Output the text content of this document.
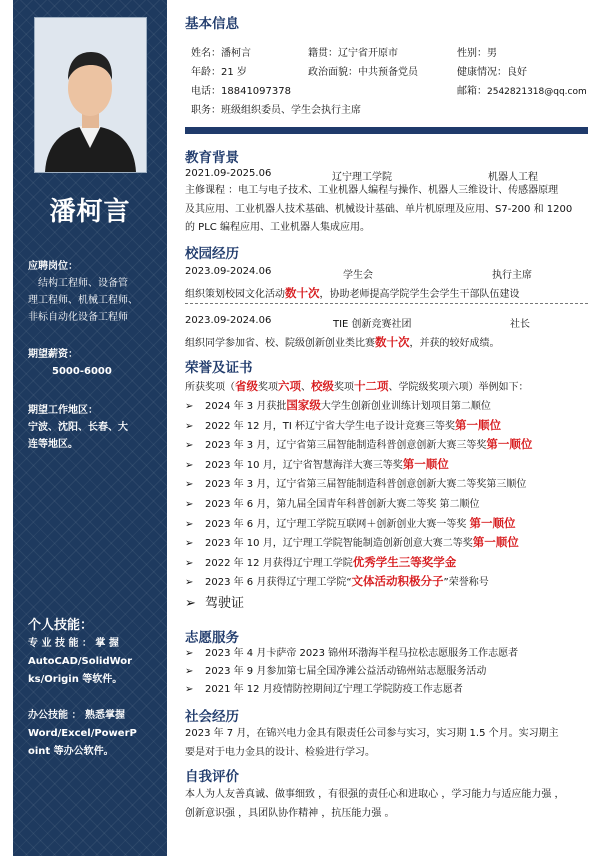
潘柯言
应聘岗位：
结构工程师、设备管
理工程师、机械工程师、
非标自动化设备工程师
期望薪资：
5000-6000
期望工作地区：
宁波、沈阳、长春、大
连等地区。
个人技能：
专 业 技 能 ： 掌 握
AutoCAD/SolidWor
ks/Origin 等软件。
办公技能 ： 熟悉掌握
Word/Excel/PowerP
oint 等办公软件。
基本信息
姓名：潘柯言	籍贯：辽宁省开原市	性别：男
年龄：21 岁	政治面貌：中共预备党员	健康情况：良好
电话：18841097378	邮箱：2542821318@qq.com
职务：班级组织委员、学生会执行主席
教育背景
2021.09-2025.06	辽宁理工学院	机器人工程
主修课程 ：电工与电子技术、工业机器人编程与操作、机器人三维设计、传感器原理
及其应用、工业机器人技术基础、机械设计基础、单片机原理及应用、S7-200 和 1200
的 PLC 编程应用、工业机器人集成应用。
校园经历
2023.09-2024.06	学生会	执行主席
组织策划校园文化活动数十次，协助老师提高学院学生会学生干部队伍建设
2023.09-2024.06	TIE 创新竞赛社团	社长
组织同学参加省、校、院级创新创业类比赛数十次，并获的较好成绩。
荣誉及证书
所获奖项（省级奖项六项、校级奖项十二项、学院级奖项六项）举例如下：
➢ 2024 年 3 月获批国家级大学生创新创业训练计划项目第二顺位
➢ 2022 年 12 月，TI 杯辽宁省大学生电子设计竞赛三等奖第一顺位
➢ 2023 年 3 月，辽宁省第三届智能制造科普创意创新大赛三等奖第一顺位
➢ 2023 年 10 月，辽宁省智慧海洋大赛三等奖第一顺位
➢ 2023 年 3 月，辽宁省第三届智能制造科普创意创新大赛二等奖第三顺位
➢ 2023 年 6 月，第九届全国青年科普创新大赛二等奖 第二顺位
➢ 2023 年 6 月，辽宁理工学院互联网＋创新创业大赛一等奖 第一顺位
➢ 2023 年 10 月，辽宁理工学院智能制造创新创意大赛二等奖第一顺位
➢ 2022 年 12 月获得辽宁理工学院优秀学生三等奖学金
➢ 2023 年 6 月获得辽宁理工学院“文体活动积极分子”荣誉称号
➢ 驾驶证
志愿服务
➢ 2023 年 4 月卡萨帝 2023 锦州环渤海半程马拉松志愿服务工作志愿者
➢ 2023 年 9 月参加第七届全国净滩公益活动锦州站志愿服务活动
➢ 2021 年 12 月疫情防控期间辽宁理工学院防疫工作志愿者
社会经历
2023 年 7 月，在锦兴电力金具有限责任公司参与实习，实习期 1.5 个月。实习期主
要是对于电力金具的设计、检验进行学习。
自我评价
本人为人友善真诚、做事细致 ，有很强的责任心和进取心 ，学习能力与适应能力强 ，
创新意识强 ，具团队协作精神 ，抗压能力强 。
